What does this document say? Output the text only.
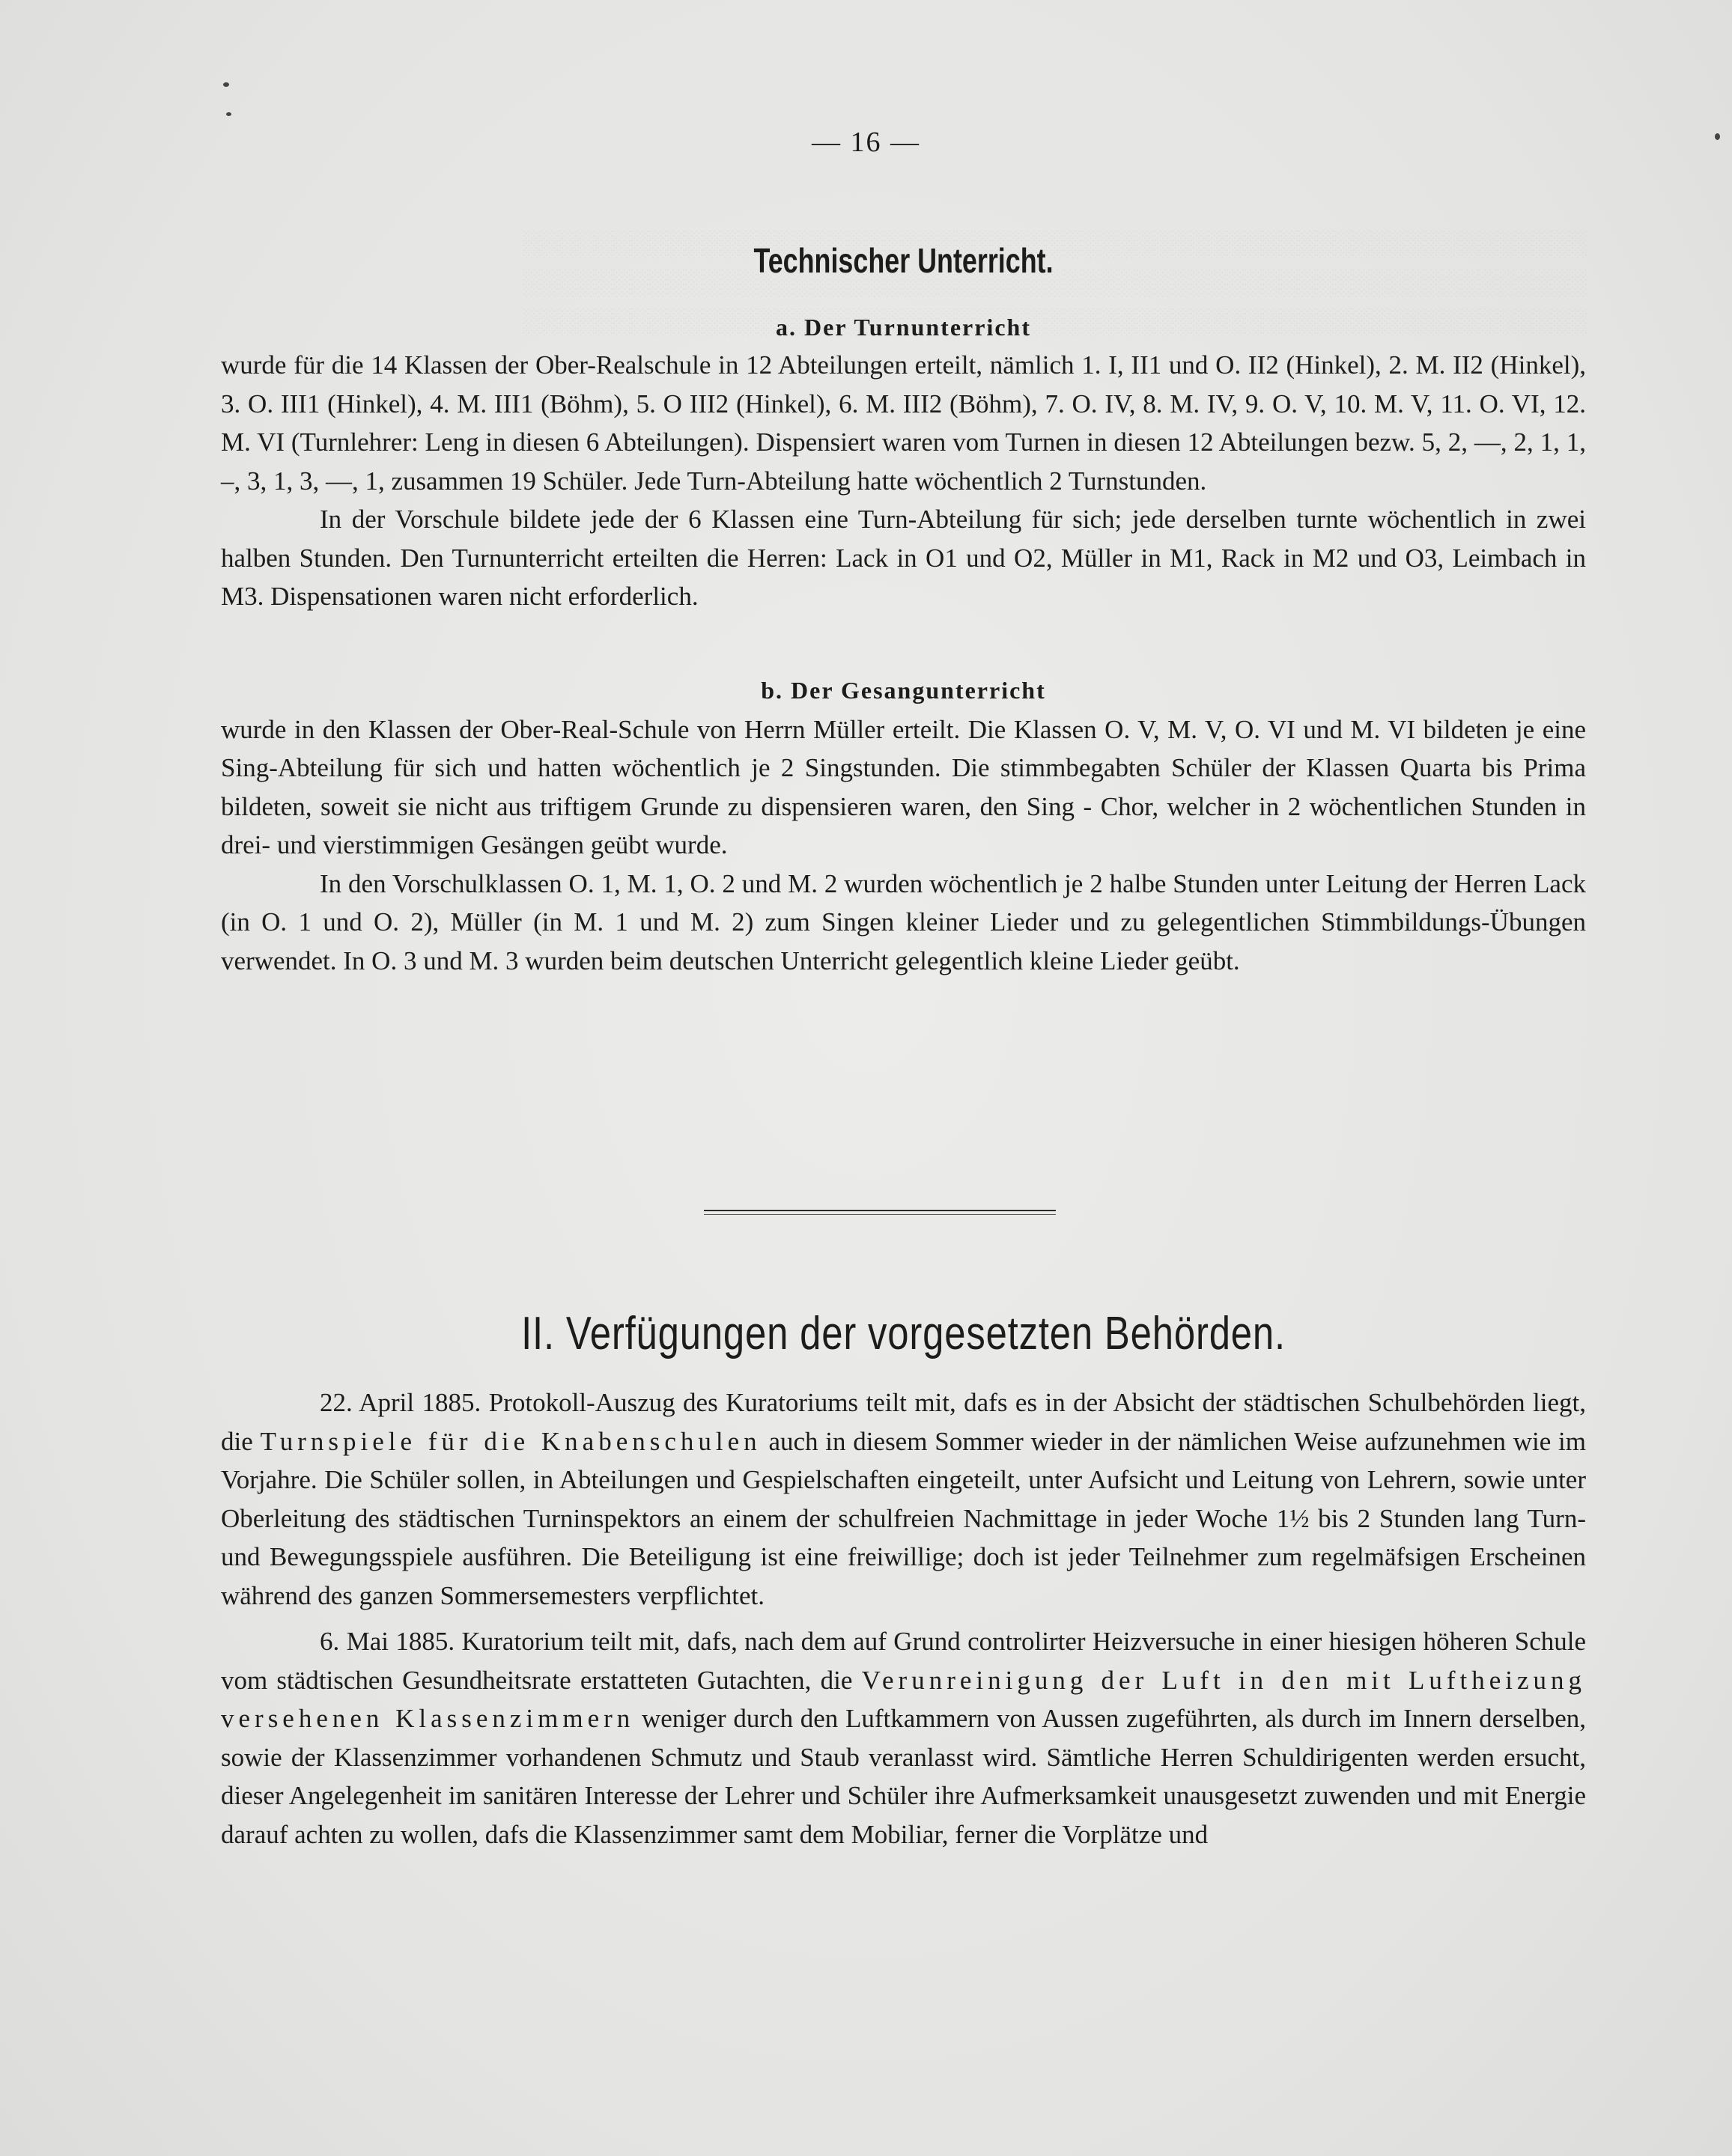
— 16 —
Technischer Unterricht.
a. Der Turnunterricht

wurde für die 14 Klassen der Ober-Realschule in 12 Abteilungen erteilt, nämlich 1. I, II1 und O. II2 (Hinkel), 2. M. II2 (Hinkel), 3. O. III1 (Hinkel), 4. M. III1 (Böhm), 5. O III2 (Hinkel), 6. M. III2 (Böhm), 7. O. IV, 8. M. IV, 9. O. V, 10. M. V, 11. O. VI, 12. M. VI (Turnlehrer: Leng in diesen 6 Abteilungen). Dispensiert waren vom Turnen in diesen 12 Abteilungen bezw. 5, 2, —, 2, 1, 1, –, 3, 1, 3, —, 1, zusammen 19 Schüler. Jede Turn-Abteilung hatte wöchentlich 2 Turnstunden.

In der Vorschule bildete jede der 6 Klassen eine Turn-Abteilung für sich; jede derselben turnte wöchentlich in zwei halben Stunden. Den Turnunterricht erteilten die Herren: Lack in O1 und O2, Müller in M1, Rack in M2 und O3, Leimbach in M3. Dispensationen waren nicht erforderlich.

b. Der Gesangunterricht

wurde in den Klassen der Ober-Real-Schule von Herrn Müller erteilt. Die Klassen O. V, M. V, O. VI und M. VI bildeten je eine Sing-Abteilung für sich und hatten wöchentlich je 2 Singstunden. Die stimmbegabten Schüler der Klassen Quarta bis Prima bildeten, soweit sie nicht aus triftigem Grunde zu dispensieren waren, den Sing - Chor, welcher in 2 wöchentlichen Stunden in drei- und vierstimmigen Gesängen geübt wurde.

In den Vorschulklassen O. 1, M. 1, O. 2 und M. 2 wurden wöchentlich je 2 halbe Stunden unter Leitung der Herren Lack (in O. 1 und O. 2), Müller (in M. 1 und M. 2) zum Singen kleiner Lieder und zu gelegentlichen Stimmbildungs-Übungen verwendet. In O. 3 und M. 3 wurden beim deutschen Unterricht gelegentlich kleine Lieder geübt.

II. Verfügungen der vorgesetzten Behörden.

22. April 1885. Protokoll-Auszug des Kuratoriums teilt mit, dafs es in der Absicht der städtischen Schulbehörden liegt, die Turnspiele für die Knabenschulen auch in diesem Sommer wieder in der nämlichen Weise aufzunehmen wie im Vorjahre. Die Schüler sollen, in Abteilungen und Gespielschaften eingeteilt, unter Aufsicht und Leitung von Lehrern, sowie unter Oberleitung des städtischen Turninspektors an einem der schulfreien Nachmittage in jeder Woche 1½ bis 2 Stunden lang Turn- und Bewegungsspiele ausführen. Die Beteiligung ist eine freiwillige; doch ist jeder Teilnehmer zum regelmäfsigen Erscheinen während des ganzen Sommersemesters verpflichtet.

6. Mai 1885. Kuratorium teilt mit, dafs, nach dem auf Grund controlirter Heizversuche in einer hiesigen höheren Schule vom städtischen Gesundheitsrate erstatteten Gutachten, die Verunreinigung der Luft in den mit Luftheizung versehenen Klassenzimmern weniger durch den Luftkammern von Aussen zugeführten, als durch im Innern derselben, sowie der Klassenzimmer vorhandenen Schmutz und Staub veranlasst wird. Sämtliche Herren Schuldirigenten werden ersucht, dieser Angelegenheit im sanitären Interesse der Lehrer und Schüler ihre Aufmerksamkeit unausgesetzt zuwenden und mit Energie darauf achten zu wollen, dafs die Klassenzimmer samt dem Mobiliar, ferner die Vorplätze und
